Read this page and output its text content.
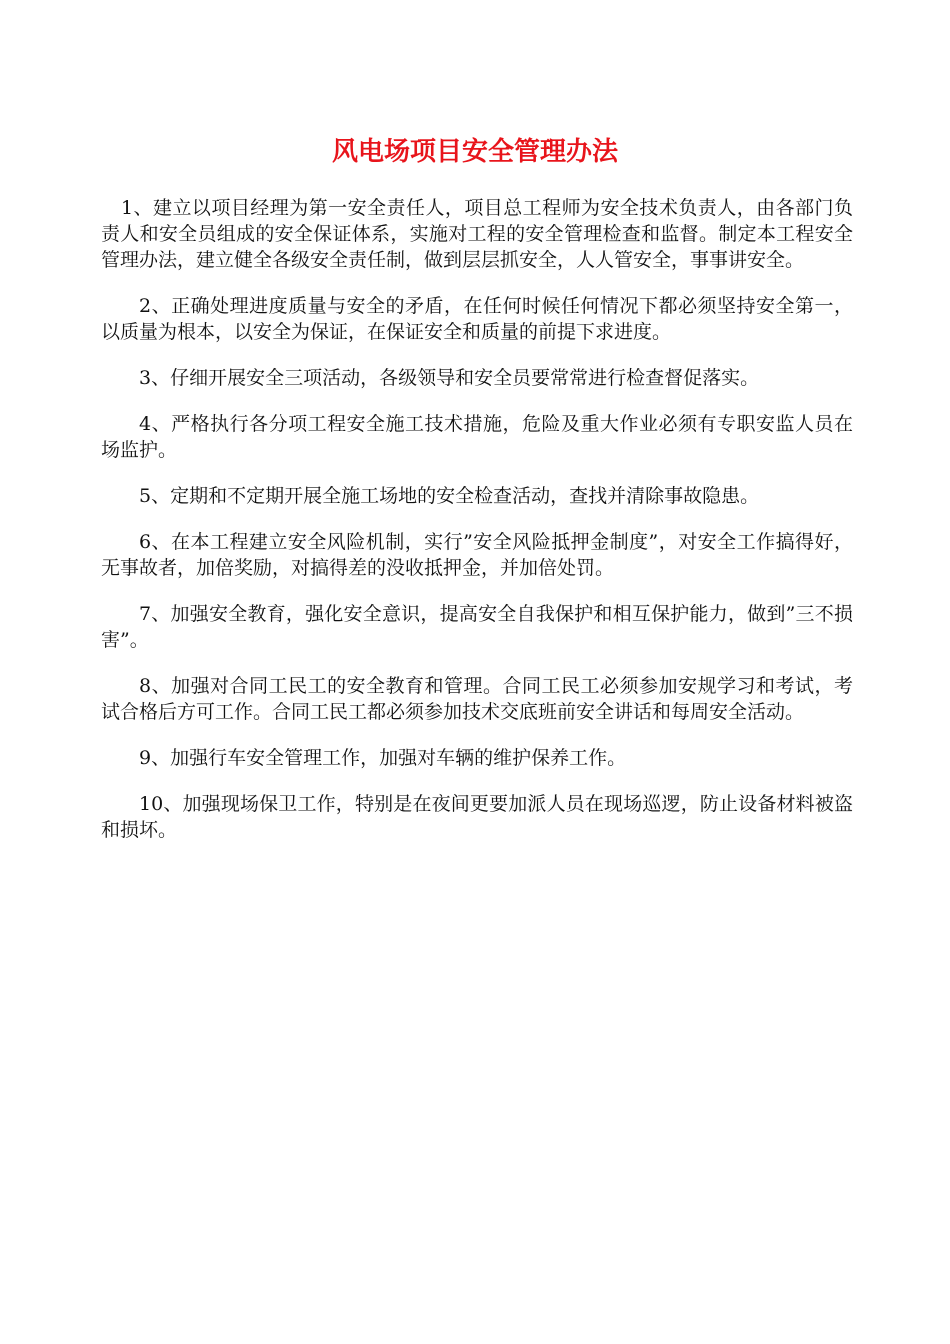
风电场项目安全管理办法

1、建立以项目经理为第一安全责任人，项目总工程师为安全技术负责人，由各部门负责人和安全员组成的安全保证体系，实施对工程的安全管理检查和监督。制定本工程安全管理办法，建立健全各级安全责任制，做到层层抓安全，人人管安全，事事讲安全。

2、正确处理进度质量与安全的矛盾，在任何时候任何情况下都必须坚持安全第一，以质量为根本，以安全为保证，在保证安全和质量的前提下求进度。

3、仔细开展安全三项活动，各级领导和安全员要常常进行检查督促落实。

4、严格执行各分项工程安全施工技术措施，危险及重大作业必须有专职安监人员在场监护。

5、定期和不定期开展全施工场地的安全检查活动，查找并清除事故隐患。

6、在本工程建立安全风险机制，实行”安全风险抵押金制度”，对安全工作搞得好，无事故者，加倍奖励，对搞得差的没收抵押金，并加倍处罚。

7、加强安全教育，强化安全意识，提高安全自我保护和相互保护能力，做到”三不损害”。

8、加强对合同工民工的安全教育和管理。合同工民工必须参加安规学习和考试，考试合格后方可工作。合同工民工都必须参加技术交底班前安全讲话和每周安全活动。

9、加强行车安全管理工作，加强对车辆的维护保养工作。

10、加强现场保卫工作，特别是在夜间更要加派人员在现场巡逻，防止设备材料被盗和损坏。
